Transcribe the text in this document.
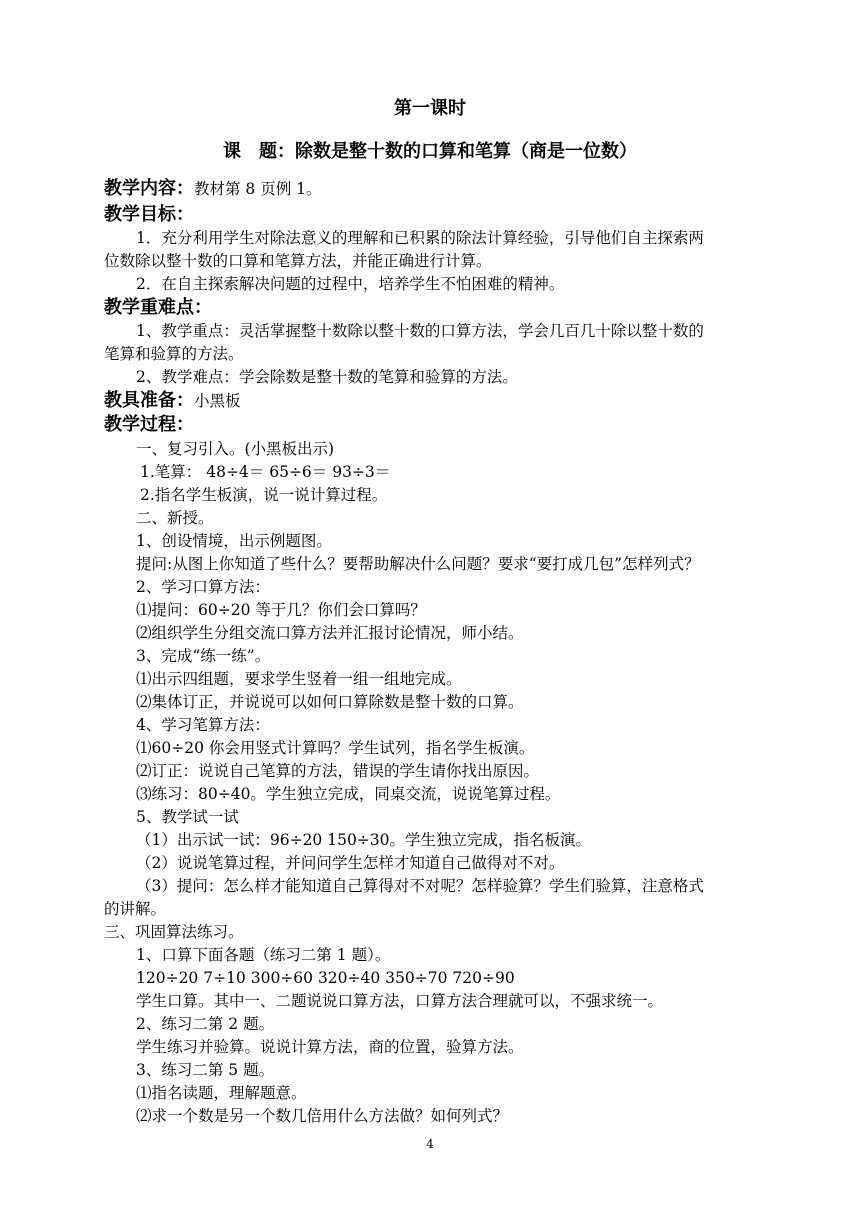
第一课时
课　题：除数是整十数的口算和笔算（商是一位数）
教学内容：教材第 8 页例 1。
教学目标：
1．充分利用学生对除法意义的理解和已积累的除法计算经验，引导他们自主探索两
位数除以整十数的口算和笔算方法，并能正确进行计算。
2．在自主探索解决问题的过程中，培养学生不怕困难的精神。
教学重难点：
1、教学重点：灵活掌握整十数除以整十数的口算方法，学会几百几十除以整十数的
笔算和验算的方法。
2、教学难点：学会除数是整十数的笔算和验算的方法。
教具准备：小黑板
教学过程：
一、复习引入。(小黑板出示)
1.笔算： 48÷4＝ 65÷6＝ 93÷3＝
2.指名学生板演，说一说计算过程。
二、新授。
1、创设情境，出示例题图。
提问:从图上你知道了些什么？要帮助解决什么问题？要求“要打成几包”怎样列式？
2、学习口算方法：
⑴提问：60÷20 等于几？你们会口算吗？
⑵组织学生分组交流口算方法并汇报讨论情况，师小结。
3、完成“练一练”。
⑴出示四组题，要求学生竖着一组一组地完成。
⑵集体订正，并说说可以如何口算除数是整十数的口算。
4、学习笔算方法：
⑴60÷20 你会用竖式计算吗？学生试列，指名学生板演。
⑵订正：说说自己笔算的方法，错误的学生请你找出原因。
⑶练习：80÷40。学生独立完成，同桌交流，说说笔算过程。
5、教学试一试
（1）出示试一试：96÷20 150÷30。学生独立完成，指名板演。
（2）说说笔算过程，并问问学生怎样才知道自己做得对不对。
（3）提问：怎么样才能知道自己算得对不对呢？怎样验算？学生们验算，注意格式
的讲解。
三、巩固算法练习。
1、口算下面各题（练习二第 1 题）。
120÷20 7÷10 300÷60 320÷40 350÷70 720÷90
学生口算。其中一、二题说说口算方法，口算方法合理就可以，不强求统一。
2、练习二第 2 题。
学生练习并验算。说说计算方法，商的位置，验算方法。
3、练习二第 5 题。
⑴指名读题，理解题意。
⑵求一个数是另一个数几倍用什么方法做？如何列式？
4
